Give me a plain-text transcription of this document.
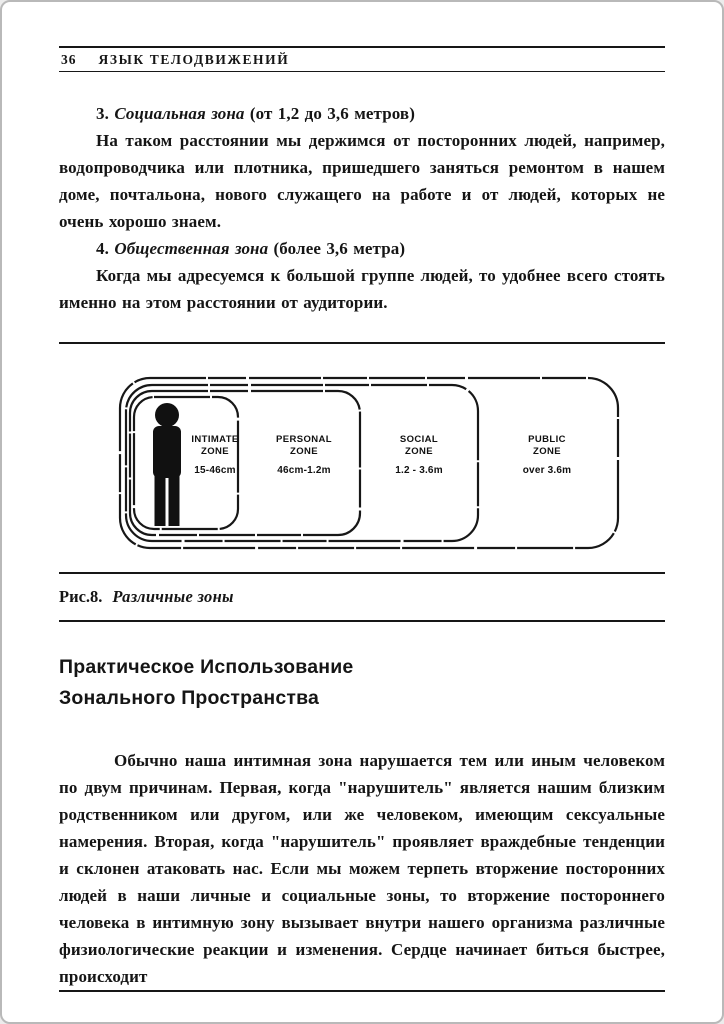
36 ЯЗЫК ТЕЛОДВИЖЕНИЙ

3. Социальная зона (от 1,2 до 3,6 метров)

На таком расстоянии мы держимся от посторонних людей, например, водопроводчика или плотника, пришедшего заняться ремонтом в нашем доме, почтальона, нового служащего на работе и от людей, которых не очень хорошо знаем.

4. Общественная зона (более 3,6 метра)

Когда мы адресуемся к большой группе людей, то удобнее всего стоять именно на этом расстоянии от аудитории.

INTIMATE
ZONE
15-46cm
PERSONAL
ZONE
46cm-1.2m
SOCIAL
ZONE
1.2 - 3.6m
PUBLIC
ZONE
over 3.6m

Рис.8. Различные зоны

Практическое Использование
Зонального Пространства

Обычно наша интимная зона нарушается тем или иным человеком по двум причинам. Первая, когда "нарушитель" является нашим близким родственником или другом, или же человеком, имеющим сексуальные намерения. Вторая, когда "нарушитель" проявляет враждебные тенденции и склонен атаковать нас. Если мы можем терпеть вторжение посторонних людей в наши личные и социальные зоны, то вторжение постороннего человека в интимную зону вызывает внутри нашего организма различные физиологические реакции и изменения. Сердце начинает биться быстрее, происходит
